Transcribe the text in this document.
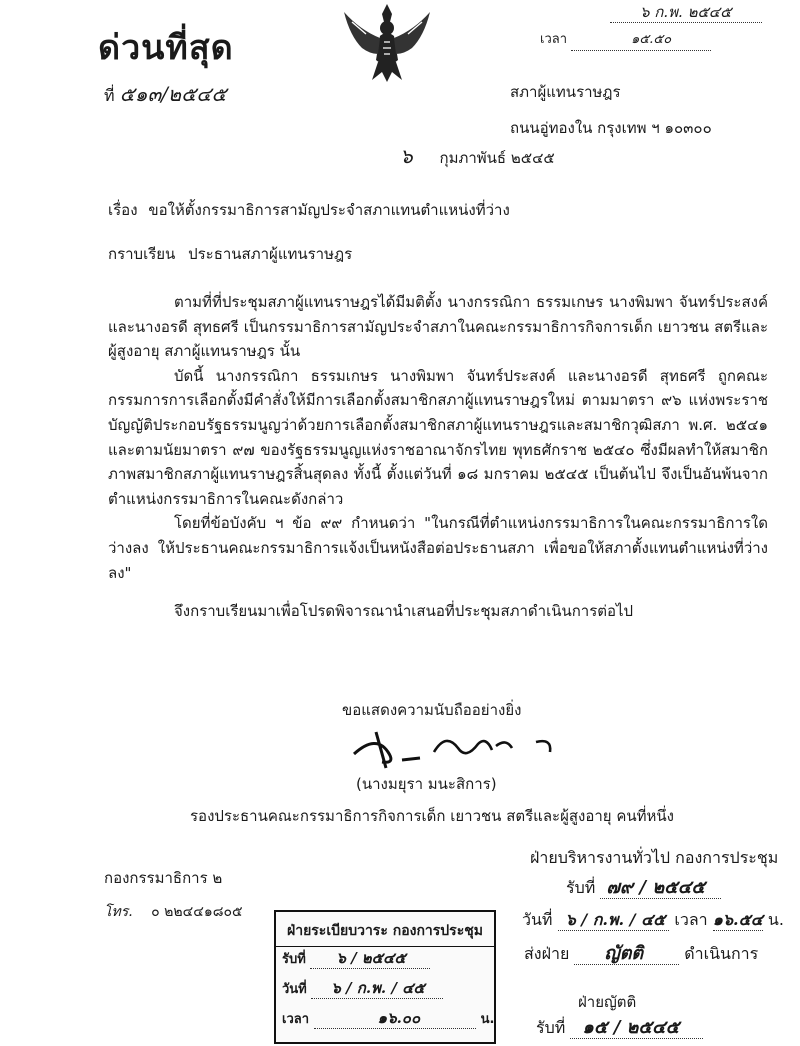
ด่วนที่สุด
ที่ ๕๑๓/๒๕๔๕
๖ ก.พ. ๒๕๔๕
เวลา	๑๕.๕๐
สภาผู้แทนราษฎร
ถนนอู่ทองใน กรุงเทพ ฯ ๑๐๓๐๐
๖ กุมภาพันธ์ ๒๕๔๕
เรื่อง ขอให้ตั้งกรรมาธิการสามัญประจำสภาแทนตำแหน่งที่ว่าง
กราบเรียน ประธานสภาผู้แทนราษฎร

ตามที่ที่ประชุมสภาผู้แทนราษฎรได้มีมติตั้ง นางกรรณิกา ธรรมเกษร นางพิมพา จันทร์ประสงค์ และนางอรดี สุทธศรี เป็นกรรมาธิการสามัญประจำสภาในคณะกรรมาธิการกิจการเด็ก เยาวชน สตรีและผู้สูงอายุ สภาผู้แทนราษฎร นั้น

บัดนี้ นางกรรณิกา ธรรมเกษร นางพิมพา จันทร์ประสงค์ และนางอรดี สุทธศรี ถูกคณะกรรมการการเลือกตั้งมีคำสั่งให้มีการเลือกตั้งสมาชิกสภาผู้แทนราษฎรใหม่ ตามมาตรา ๙๖ แห่งพระราชบัญญัติประกอบรัฐธรรมนูญว่าด้วยการเลือกตั้งสมาชิกสภาผู้แทนราษฎรและสมาชิกวุฒิสภา พ.ศ. ๒๕๔๑ และตามนัยมาตรา ๙๗ ของรัฐธรรมนูญแห่งราชอาณาจักรไทย พุทธศักราช ๒๕๔๐ ซึ่งมีผลทำให้สมาชิกภาพสมาชิกสภาผู้แทนราษฎรสิ้นสุดลง ทั้งนี้ ตั้งแต่วันที่ ๑๘ มกราคม ๒๕๔๕ เป็นต้นไป จึงเป็นอันพ้นจากตำแหน่งกรรมาธิการในคณะดังกล่าว

โดยที่ข้อบังคับ ฯ ข้อ ๙๙ กำหนดว่า "ในกรณีที่ตำแหน่งกรรมาธิการในคณะกรรมาธิการใดว่างลง ให้ประธานคณะกรรมาธิการแจ้งเป็นหนังสือต่อประธานสภา เพื่อขอให้สภาตั้งแทนตำแหน่งที่ว่างลง"

จึงกราบเรียนมาเพื่อโปรดพิจารณานำเสนอที่ประชุมสภาดำเนินการต่อไป

ขอแสดงความนับถืออย่างยิ่ง
(นางมยุรา มนะสิการ)
รองประธานคณะกรรมาธิการกิจการเด็ก เยาวชน สตรีและผู้สูงอายุ คนที่หนึ่ง
กองกรรมาธิการ ๒
โทร. ๐ ๒๒๔๔๑๘๐๕
ฝ่ายระเบียบวาระ กองการประชุม
รับที่ ๖ / ๒๕๔๕
วันที่ ๖ / ก.พ. / ๔๕
เวลา	๑๖.๐๐	น.
ฝ่ายบริหารงานทั่วไป กองการประชุม
รับที่ ๗๙ / ๒๕๔๕
วันที่ ๖ / ก.พ. / ๔๕ เวลา ๑๖.๕๔ น.
ส่งฝ่าย ญัตติ	ดำเนินการ
ฝ่ายญัตติ
รับที่ ๑๕ / ๒๕๔๕
